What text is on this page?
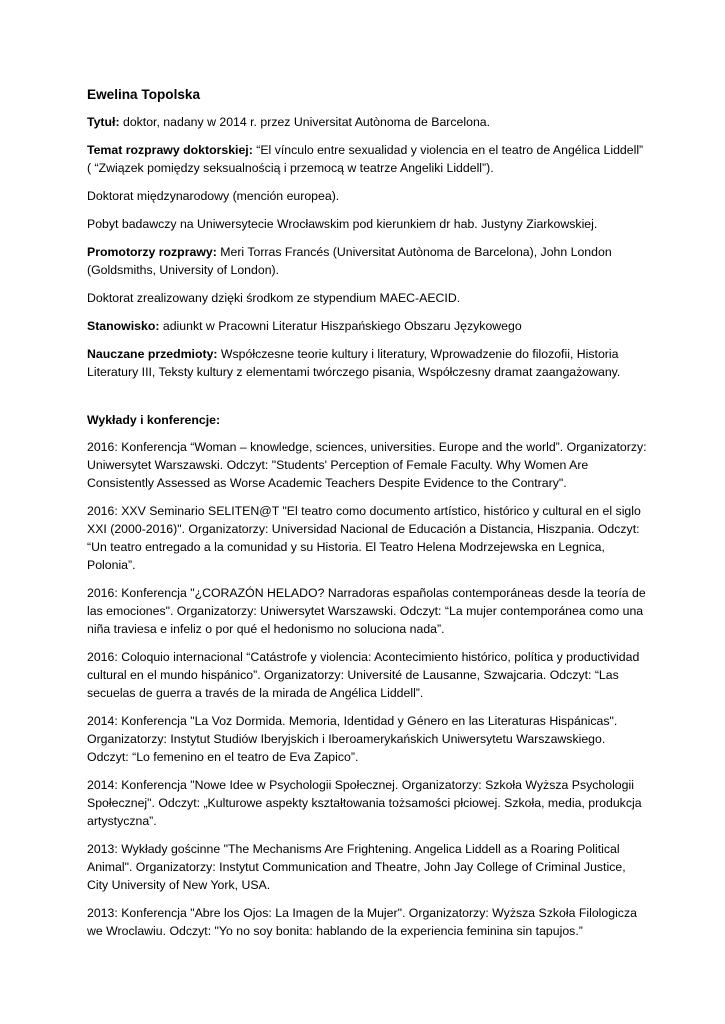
Ewelina Topolska
Tytuł: doktor, nadany w 2014 r. przez Universitat Autònoma de Barcelona.
Temat rozprawy doktorskiej: “El vínculo entre sexualidad y violencia en el teatro de Angélica Liddell” ( “Związek pomiędzy seksualnością i przemocą w teatrze Angeliki Liddell”).
Doktorat międzynarodowy (mención europea).
Pobyt badawczy na Uniwersytecie Wrocławskim pod kierunkiem dr hab. Justyny Ziarkowskiej.
Promotorzy rozprawy: Meri Torras Francés (Universitat Autònoma de Barcelona), John London (Goldsmiths, University of London).
Doktorat zrealizowany dzięki środkom ze stypendium MAEC-AECID.
Stanowisko: adiunkt w Pracowni Literatur Hiszpańskiego Obszaru Językowego
Nauczane przedmioty: Współczesne teorie kultury i literatury, Wprowadzenie do filozofii, Historia Literatury III, Teksty kultury z elementami twórczego pisania, Współczesny dramat zaangażowany.
Wykłady i konferencje:
2016: Konferencja “Woman – knowledge, sciences, universities. Europe and the world”. Organizatorzy: Uniwersytet Warszawski. Odczyt: "Students' Perception of Female Faculty. Why Women Are Consistently Assessed as Worse Academic Teachers Despite Evidence to the Contrary".
2016: XXV Seminario SELITEN@T "El teatro como documento artístico, histórico y cultural en el siglo XXI (2000-2016)". Organizatorzy: Universidad Nacional de Educación a Distancia, Hiszpania. Odczyt: “Un teatro entregado a la comunidad y su Historia. El Teatro Helena Modrzejewska en Legnica, Polonia”.
2016: Konferencja "¿CORAZÓN HELADO? Narradoras españolas contemporáneas desde la teoría de las emociones". Organizatorzy: Uniwersytet Warszawski. Odczyt: “La mujer contemporánea como una niña traviesa e infeliz o por qué el hedonismo no soluciona nada”.
2016: Coloquio internacional “Catástrofe y violencia: Acontecimiento histórico, política y productividad cultural en el mundo hispánico”. Organizatorzy: Université de Lausanne, Szwajcaria. Odczyt: “Las secuelas de guerra a través de la mirada de Angélica Liddell”.
2014: Konferencja "La Voz Dormida. Memoria, Identidad y Género en las Literaturas Hispánicas". Organizatorzy: Instytut Studiów Iberyjskich i Iberoamerykańskich Uniwersytetu Warszawskiego. Odczyt: “Lo femenino en el teatro de Eva Zapico”.
2014: Konferencja "Nowe Idee w Psychologii Społecznej. Organizatorzy: Szkoła Wyższa Psychologii Społecznej". Odczyt: „Kulturowe aspekty kształtowania tożsamości płciowej. Szkoła, media, produkcja artystyczna”.
2013: Wykłady gościnne "The Mechanisms Are Frightening. Angelica Liddell as a Roaring Political Animal". Organizatorzy: Instytut Communication and Theatre, John Jay College of Criminal Justice, City University of New York, USA.
2013: Konferencja "Abre los Ojos: La Imagen de la Mujer". Organizatorzy: Wyższa Szkoła Filologicza we Wroclawiu. Odczyt: "Yo no soy bonita: hablando de la experiencia feminina sin tapujos.”
